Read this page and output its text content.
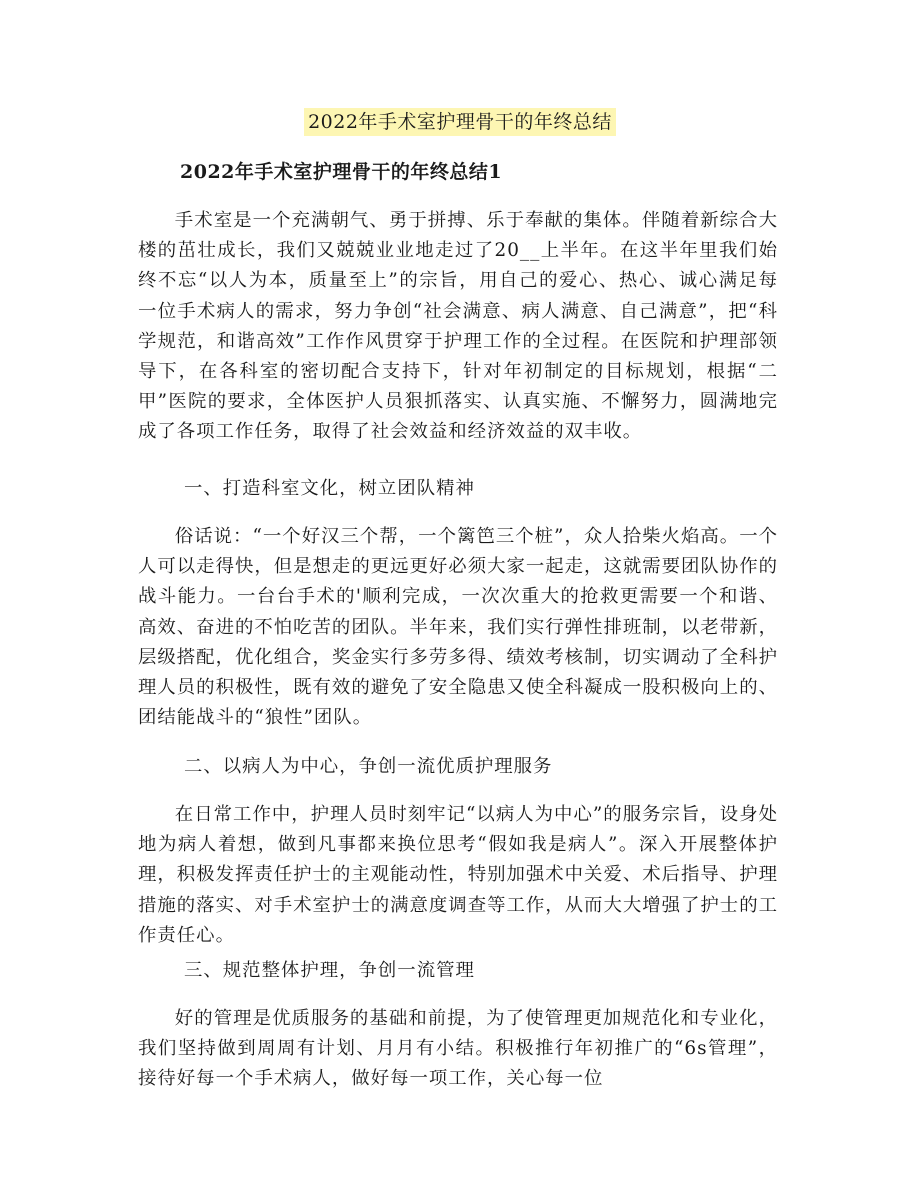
2022年手术室护理骨干的年终总结
2022年手术室护理骨干的年终总结1

手术室是一个充满朝气、勇于拼搏、乐于奉献的集体。伴随着新综合大楼的茁壮成长，我们又兢兢业业地走过了20__上半年。在这半年里我们始终不忘“以人为本，质量至上”的宗旨，用自己的爱心、热心、诚心满足每一位手术病人的需求，努力争创“社会满意、病人满意、自己满意”，把“科学规范，和谐高效”工作作风贯穿于护理工作的全过程。在医院和护理部领导下，在各科室的密切配合支持下，针对年初制定的目标规划，根据“二甲”医院的要求，全体医护人员狠抓落实、认真实施、不懈努力，圆满地完成了各项工作任务，取得了社会效益和经济效益的双丰收。

一、打造科室文化，树立团队精神

俗话说：“一个好汉三个帮，一个篱笆三个桩”，众人拾柴火焰高。一个人可以走得快，但是想走的更远更好必须大家一起走，这就需要团队协作的战斗能力。一台台手术的'顺利完成，一次次重大的抢救更需要一个和谐、高效、奋进的不怕吃苦的团队。半年来，我们实行弹性排班制，以老带新，层级搭配，优化组合，奖金实行多劳多得、绩效考核制，切实调动了全科护理人员的积极性，既有效的避免了安全隐患又使全科凝成一股积极向上的、团结能战斗的“狼性”团队。

二、以病人为中心，争创一流优质护理服务

在日常工作中，护理人员时刻牢记“以病人为中心”的服务宗旨，设身处地为病人着想，做到凡事都来换位思考“假如我是病人”。深入开展整体护理，积极发挥责任护士的主观能动性，特别加强术中关爱、术后指导、护理措施的落实、对手术室护士的满意度调查等工作，从而大大增强了护士的工作责任心。

三、规范整体护理，争创一流管理

好的管理是优质服务的基础和前提，为了使管理更加规范化和专业化，我们坚持做到周周有计划、月月有小结。积极推行年初推广的“6s管理”，接待好每一个手术病人，做好每一项工作，关心每一位
